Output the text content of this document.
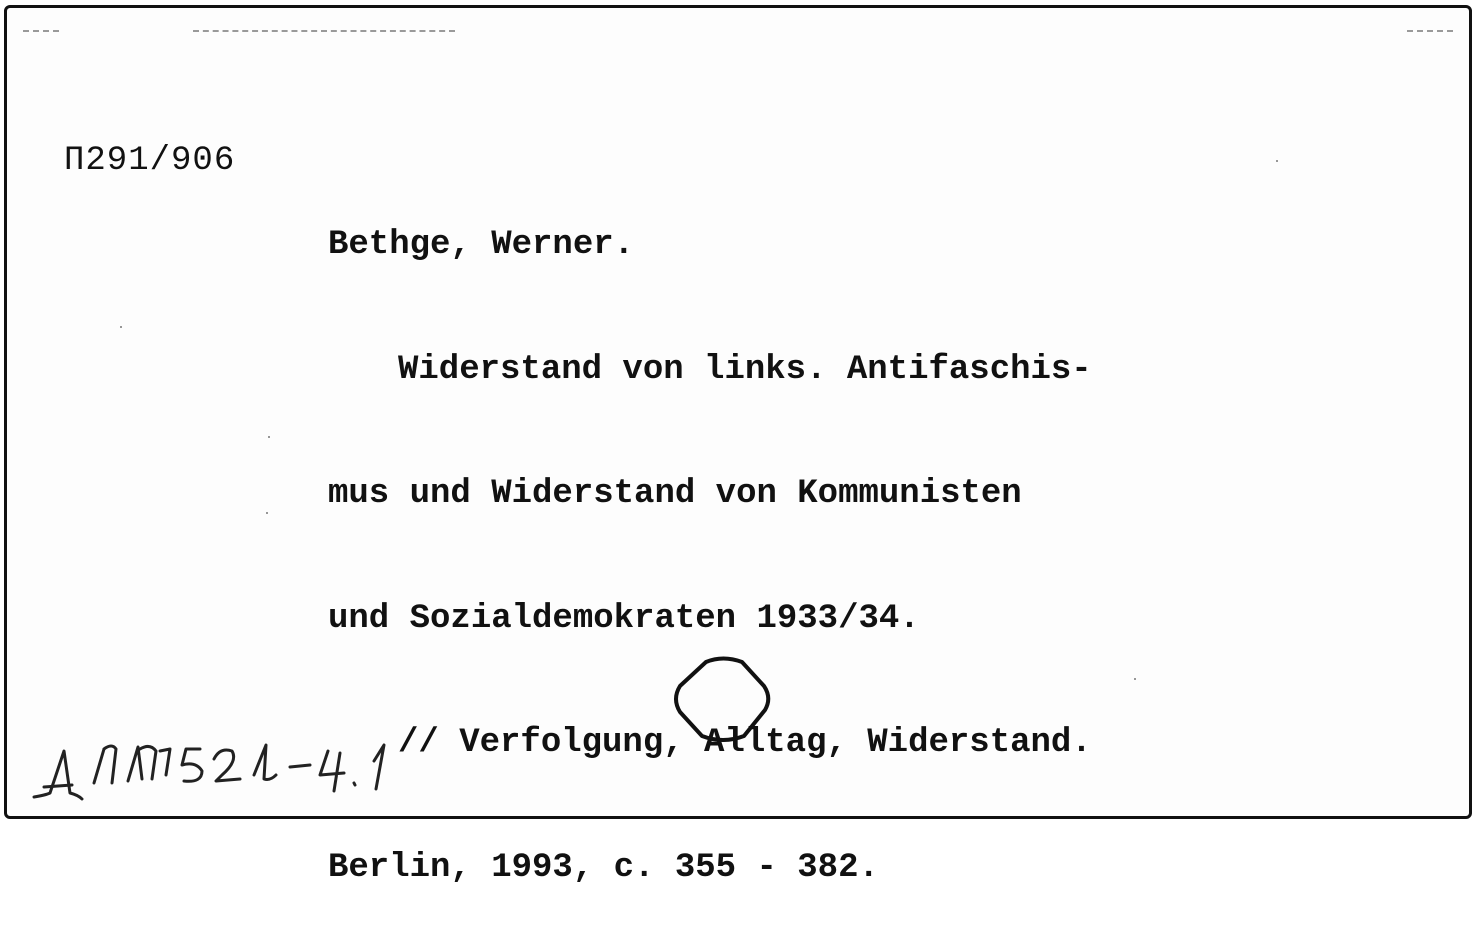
П291/906

Bethge, Werner.

Widerstand von links. Antifaschis-

mus und Widerstand von Kommunisten

und Sozialdemokraten 1933/34.

// Verfolgung, Alltag, Widerstand.

Berlin, 1993, c. 355 - 382.
